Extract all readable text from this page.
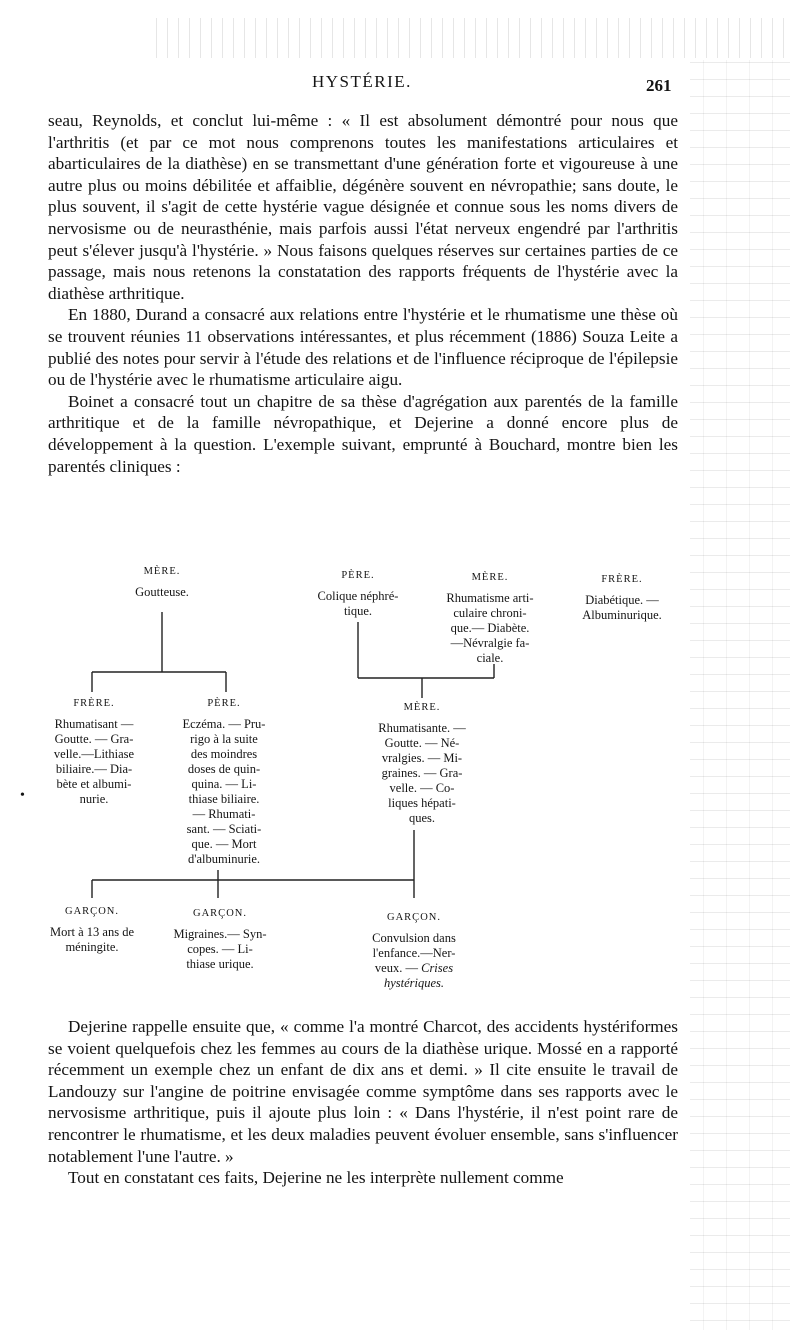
HYSTÉRIE.	261

seau, Reynolds, et conclut lui-même : « Il est absolument démontré pour nous que l'arthritis (et par ce mot nous comprenons toutes les manifestations articulaires et abarticulaires de la diathèse) en se transmettant d'une génération forte et vigoureuse à une autre plus ou moins débilitée et affaiblie, dégénère souvent en névropathie; sans doute, le plus souvent, il s'agit de cette hystérie vague désignée et connue sous les noms divers de nervosisme ou de neurasthénie, mais parfois aussi l'état nerveux engendré par l'arthritis peut s'élever jusqu'à l'hystérie. » Nous faisons quelques réserves sur certaines parties de ce passage, mais nous retenons la constatation des rapports fréquents de l'hystérie avec la diathèse arthritique.

En 1880, Durand a consacré aux relations entre l'hystérie et le rhumatisme une thèse où se trouvent réunies 11 observations intéressantes, et plus récemment (1886) Souza Leite a publié des notes pour servir à l'étude des relations et de l'influence réciproque de l'épilepsie ou de l'hystérie avec le rhumatisme articulaire aigu.

Boinet a consacré tout un chapitre de sa thèse d'agrégation aux parentés de la famille arthritique et de la famille névropathique, et Dejerine a donné encore plus de développement à la question. L'exemple suivant, emprunté à Bouchard, montre bien les parentés cliniques :

MÈRE.
Goutteuse.
PÈRE.
Colique néphré-
tique.
MÈRE.
Rhumatisme arti-
culaire chroni-
que.— Diabète.
—Névralgie fa-
ciale.
FRÈRE.
Diabétique. —
Albuminurique.
FRÈRE.
Rhumatisant —
Goutte. — Gra-
velle.—Lithiase
biliaire.— Dia-
bète et albumi-
nurie.
PÈRE.
Eczéma. — Pru-
rigo à la suite
des moindres
doses de quin-
quina. — Li-
thiase biliaire.
— Rhumati-
sant. — Sciati-
que. — Mort
d'albuminurie.
MÈRE.
Rhumatisante. —
Goutte. — Né-
vralgies. — Mi-
graines. — Gra-
velle. — Co-
liques hépati-
ques.
GARÇON.
Mort à 13 ans de
méningite.
GARÇON.
Migraines.— Syn-
copes. — Li-
thiase urique.
GARÇON.
Convulsion dans
l'enfance.—Ner-
veux. — Crises
hystériques.
•

Dejerine rappelle ensuite que, « comme l'a montré Charcot, des accidents hystériformes se voient quelquefois chez les femmes au cours de la diathèse urique. Mossé en a rapporté récemment un exemple chez un enfant de dix ans et demi. » Il cite ensuite le travail de Landouzy sur l'angine de poitrine envisagée comme symptôme dans ses rapports avec le nervosisme arthritique, puis il ajoute plus loin : « Dans l'hystérie, il n'est point rare de rencontrer le rhumatisme, et les deux maladies peuvent évoluer ensemble, sans s'influencer notablement l'une l'autre. »

Tout en constatant ces faits, Dejerine ne les interprète nullement comme
